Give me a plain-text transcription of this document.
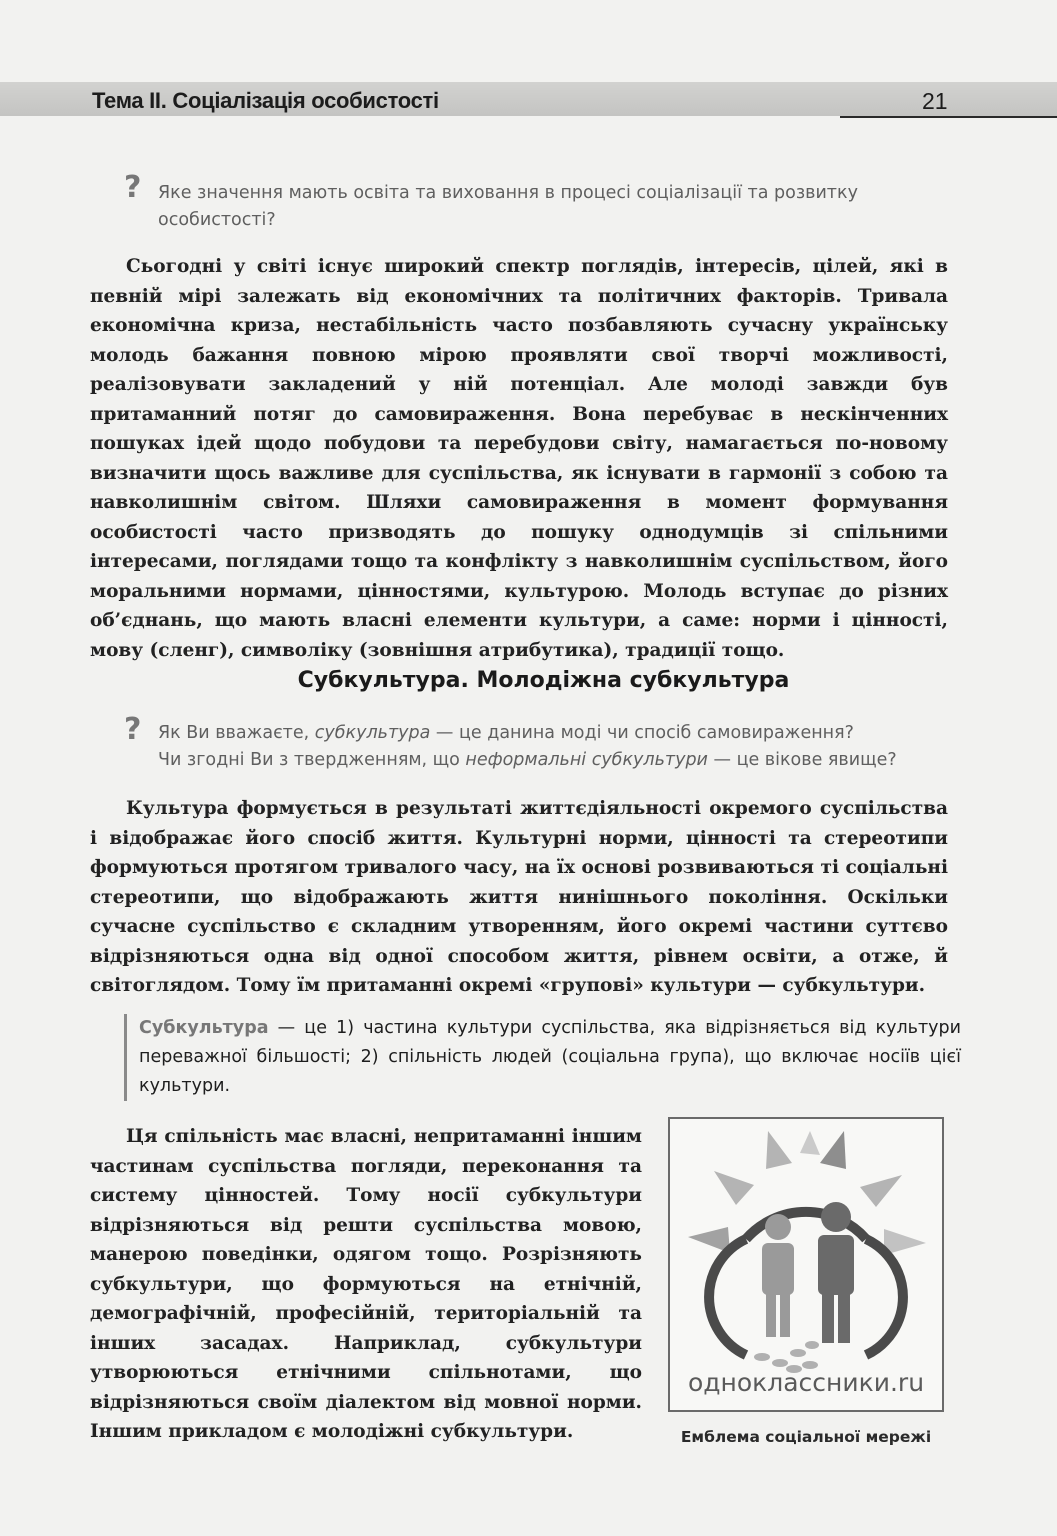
Тема II. Соціалізація особистості	21
? Яке значення мають освіта та виховання в процесі соціалізації та розвитку
особистості?

Сьогодні у світі існує широкий спектр поглядів, інтересів, цілей, які в певній мірі залежать від економічних та політичних факторів. Тривала економічна криза, нестабільність часто позбавляють сучасну українську молодь бажання повною мірою проявляти свої творчі можливості, реалізовувати закладений у ній потенціал. Але молоді завжди був притаманний потяг до самовираження. Вона перебуває в нескінченних пошуках ідей щодо побудови та перебудови світу, намагається по-новому визначити щось важливе для суспільства, як існувати в гармонії з собою та навколишнім світом. Шляхи самовираження в момент формування особистості часто призводять до пошуку однодумців зі спільними інтересами, поглядами тощо та конфлікту з навколишнім суспільством, його моральними нормами, цінностями, культурою. Молодь вступає до різних об’єднань, що мають власні елементи культури, а саме: норми і цінності, мову (сленг), символіку (зовнішня атрибутика), традиції тощо.

Субкультура. Молодіжна субкультура
? Як Ви вважаєте, субкультура — це данина моді чи спосіб самовираження?
Чи згодні Ви з твердженням, що неформальні субкультури — це вікове явище?

Культура формується в результаті життєдіяльності окремого суспільства і відображає його спосіб життя. Культурні норми, цінності та стереотипи формуються протягом тривалого часу, на їх основі розвиваються ті соціальні стереотипи, що відображають життя нинішнього покоління. Оскільки сучасне суспільство є складним утворенням, його окремі частини суттєво відрізняються одна від одної способом життя, рівнем освіти, а отже, й світоглядом. Тому їм притаманні окремі «групові» культури — субкультури.

Субкультура — це 1) частина культури суспільства, яка відрізняється від культури переважної більшості; 2) спільність людей (соціальна група), що включає носіїв цієї культури.

Ця спільність має власні, непритаманні іншим частинам суспільства погляди, переконання та систему цінностей. Тому носії субкультури відрізняються від решти суспільства мовою, манерою поведінки, одягом тощо. Розрізняють субкультури, що формуються на етнічній, демографічній, професійній, територіальній та інших засадах. Наприклад, субкультури утворюються етнічними спільнотами, що відрізняються своїм діалектом від мовної норми. Іншим прикладом є молодіжні субкультури.

одноклассники.ru
Емблема соціальної мережі
